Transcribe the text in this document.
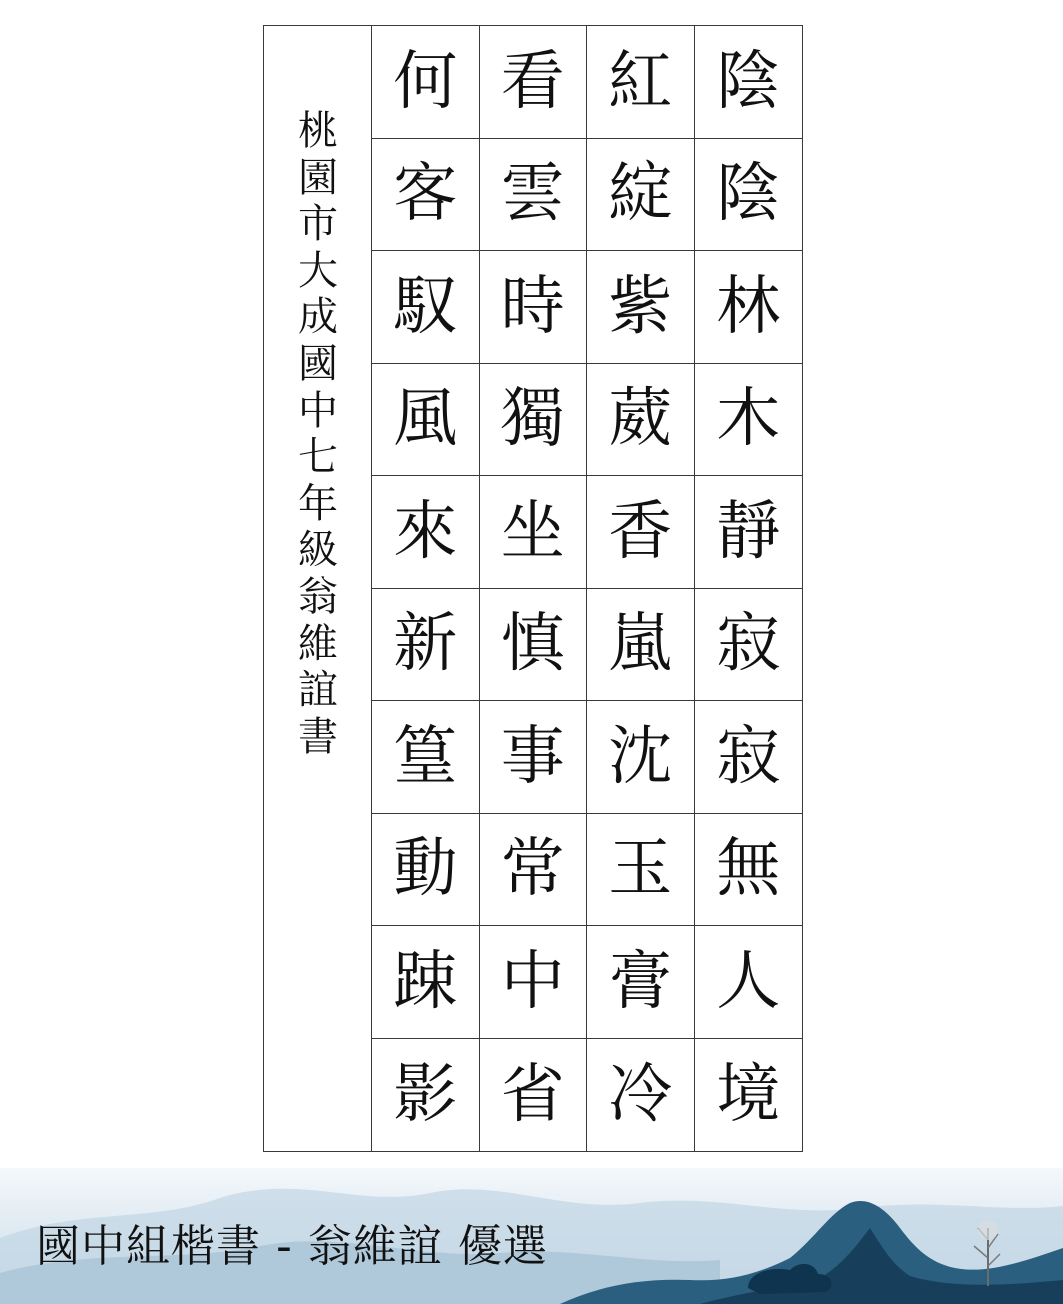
桃
園
市
大
成
國
中
七
年
級
翁
維
誼
書
何 看 紅 陰
客 雲 綻 陰
馭 時 紫 林
風 獨 葳 木
來 坐 香 靜
新 慎 嵐 寂
篁 事 沈 寂
動 常 玉 無
踈 中 膏 人
影 省 冷 境
國中組楷書 - 翁維誼 優選
